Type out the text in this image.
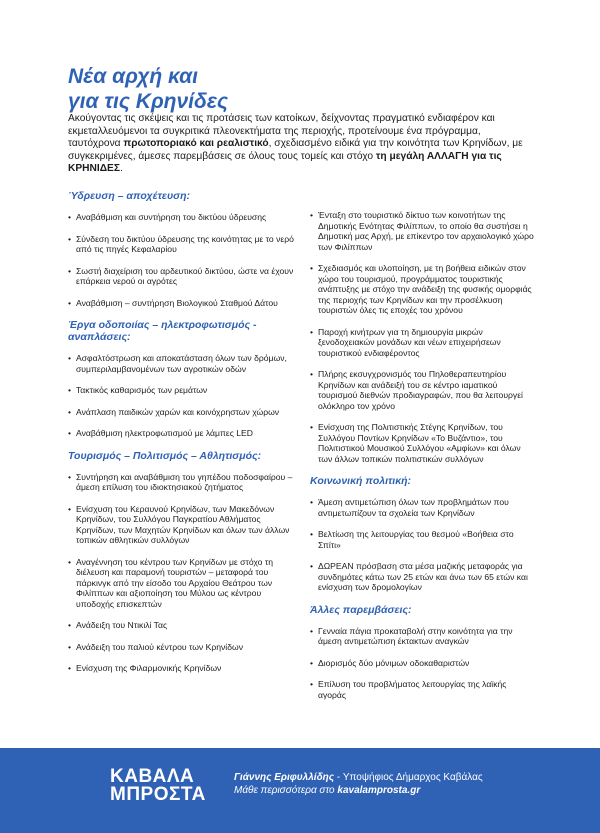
Νέα αρχή και
για τις Κρηνίδες

Ακούγοντας τις σκέψεις και τις προτάσεις των κατοίκων, δείχνοντας πραγματικό ενδιαφέρον και εκμεταλλευόμενοι τα συγκριτικά πλεονεκτήματα της περιοχής, προτείνουμε ένα πρόγραμμα, ταυτόχρονα πρωτοποριακό και ρεαλιστικό, σχεδιασμένο ειδικά για την κοινότητα των Κρηνίδων, με συγκεκριμένες, άμεσες παρεμβάσεις σε όλους τους τομείς και στόχο τη μεγάλη ΑΛΛΑΓΗ για τις ΚΡΗΝΙΔΕΣ.

Ύδρευση – αποχέτευση:
• Αναβάθμιση και συντήρηση του δικτύου ύδρευσης
• Σύνδεση του δικτύου ύδρευσης της κοινότητας με το νερό από τις πηγές Κεφαλαρίου
• Σωστή διαχείριση του αρδευτικού δικτύου, ώστε να έχουν επάρκεια νερού οι αγρότες
• Αναβάθμιση – συντήρηση Βιολογικού Σταθμού Δάτου
Έργα οδοποιίας – ηλεκτροφωτισμός - αναπλάσεις:
• Ασφαλτόστρωση και αποκατάσταση όλων των δρόμων, συμπεριλαμβανομένων των αγροτικών οδών
• Τακτικός καθαρισμός των ρεμάτων
• Ανάπλαση παιδικών χαρών και κοινόχρηστων χώρων
• Αναβάθμιση ηλεκτροφωτισμού με λάμπες LED
Τουρισμός – Πολιτισμός – Αθλητισμός:
• Συντήρηση και αναβάθμιση του γηπέδου ποδοσφαίρου – άμεση επίλυση του ιδιοκτησιακού ζητήματος
• Ενίσχυση του Κεραυνού Κρηνίδων, των Μακεδόνων Κρηνίδων, του Συλλόγου Παγκρατίου Αθλήματος Κρηνίδων, των Μαχητών Κρηνίδων και όλων των άλλων τοπικών αθλητικών συλλόγων
• Αναγέννηση του κέντρου των Κρηνίδων με στόχο τη διέλευση και παραμονή τουριστών – μεταφορά του πάρκινγκ από την είσοδο του Αρχαίου Θεάτρου των Φιλίππων και αξιοποίηση του Μύλου ως κέντρου υποδοχής επισκεπτών
• Ανάδειξη του Ντικιλί Τας
• Ανάδειξη του παλιού κέντρου των Κρηνίδων
• Ενίσχυση της Φιλαρμονικής Κρηνίδων
• Ένταξη στο τουριστικό δίκτυο των κοινοτήτων της Δημοτικής Ενότητας Φιλίππων, το οποίο θα συστήσει η Δημοτική μας Αρχή, με επίκεντρο τον αρχαιολογικό χώρο των Φιλίππων
• Σχεδιασμός και υλοποίηση, με τη βοήθεια ειδικών στον χώρο του τουρισμού, προγράμματος τουριστικής ανάπτυξης με στόχο την ανάδειξη της φυσικής ομορφιάς της περιοχής των Κρηνίδων και την προσέλκυση τουριστών όλες τις εποχές του χρόνου
• Παροχή κινήτρων για τη δημιουργία μικρών ξενοδοχειακών μονάδων και νέων επιχειρήσεων τουριστικού ενδιαφέροντος
• Πλήρης εκσυγχρονισμός του Πηλοθεραπευτηρίου Κρηνίδων και ανάδειξή του σε κέντρο ιαματικού τουρισμού διεθνών προδιαγραφών, που θα λειτουργεί ολόκληρο τον χρόνο
• Ενίσχυση της Πολιτιστικής Στέγης Κρηνίδων, του Συλλόγου Ποντίων Κρηνίδων «Το Βυζάντιο», του Πολιτιστικού Μουσικού Συλλόγου «Αμφίων» και όλων των άλλων τοπικών πολιτιστικών συλλόγων
Κοινωνική πολιτική:
• Άμεση αντιμετώπιση όλων των προβλημάτων που αντιμετωπίζουν τα σχολεία των Κρηνίδων
• Βελτίωση της λειτουργίας του θεσμού «Βοήθεια στο Σπίτι»
• ΔΩΡΕΑΝ πρόσβαση στα μέσα μαζικής μεταφοράς για συνδημότες κάτω των 25 ετών και άνω των 65 ετών και ενίσχυση των δρομολογίων
Άλλες παρεμβάσεις:
• Γενναία πάγια προκαταβολή στην κοινότητα για την άμεση αντιμετώπιση έκτακτων αναγκών
• Διορισμός δύο μόνιμων οδοκαθαριστών
• Επίλυση του προβλήματος λειτουργίας της λαϊκής αγοράς
ΚΑΒΑΛΑ
ΜΠΡΟΣΤΑ
Γιάννης Εριφυλλίδης - Υποψήφιος Δήμαρχος Καβάλας
Μάθε περισσότερα στο kavalamprosta.gr
